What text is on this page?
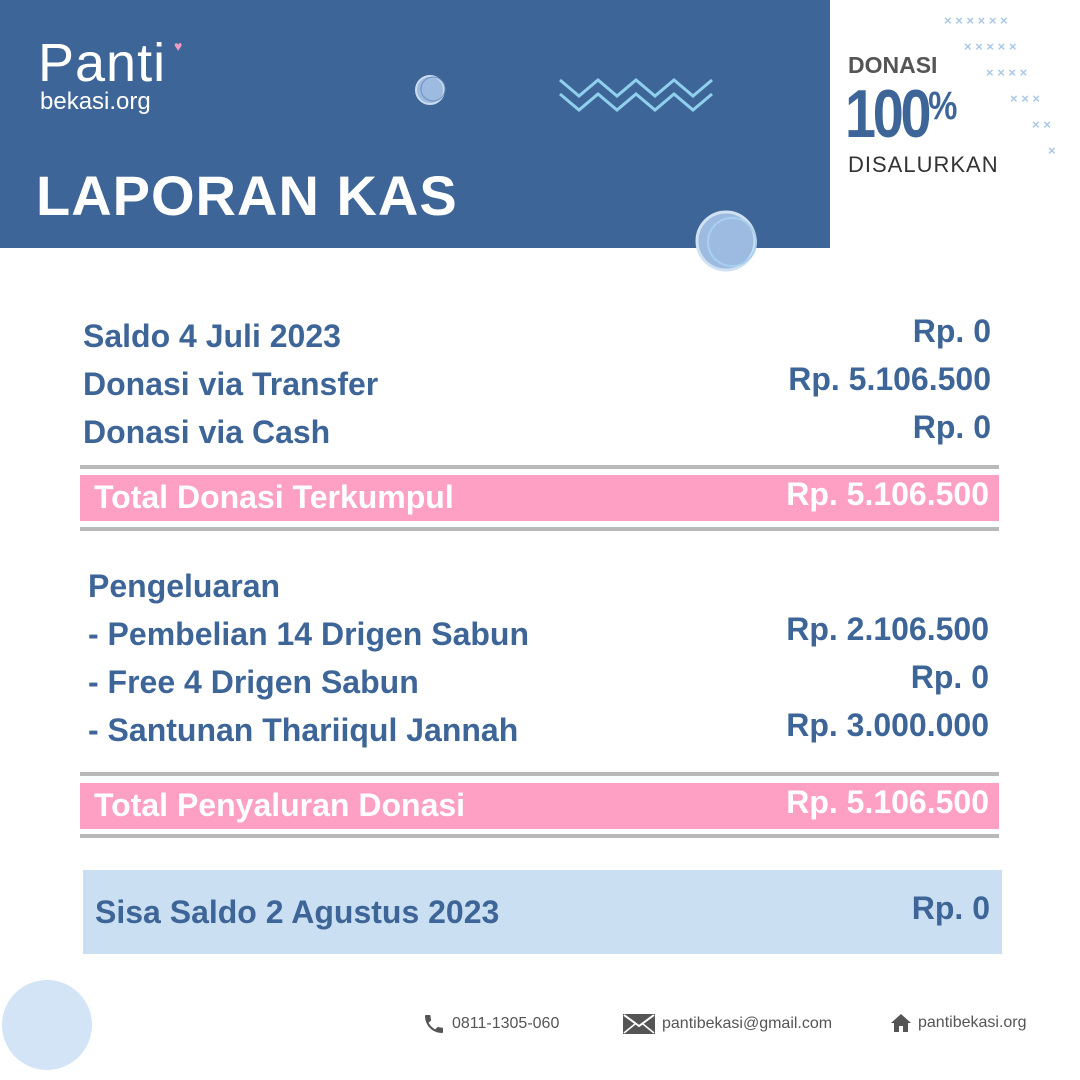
Panti ♥
bekasi.org
LAPORAN KAS
DONASI
100%
DISALURKAN
× × × × × ×
× × × × ×
× × × ×
× × ×
× ×
×
Saldo 4 Juli 2023	Rp. 0
Donasi via Transfer	Rp. 5.106.500
Donasi via Cash	Rp. 0
Total Donasi Terkumpul	Rp. 5.106.500
Pengeluaran
- Pembelian 14 Drigen Sabun	Rp. 2.106.500
- Free 4 Drigen Sabun	Rp. 0
- Santunan Thariiqul Jannah	Rp. 3.000.000
Total Penyaluran Donasi	Rp. 5.106.500
Sisa Saldo 2 Agustus 2023	Rp. 0
0811-1305-060	pantibekasi@gmail.com	pantibekasi.org
